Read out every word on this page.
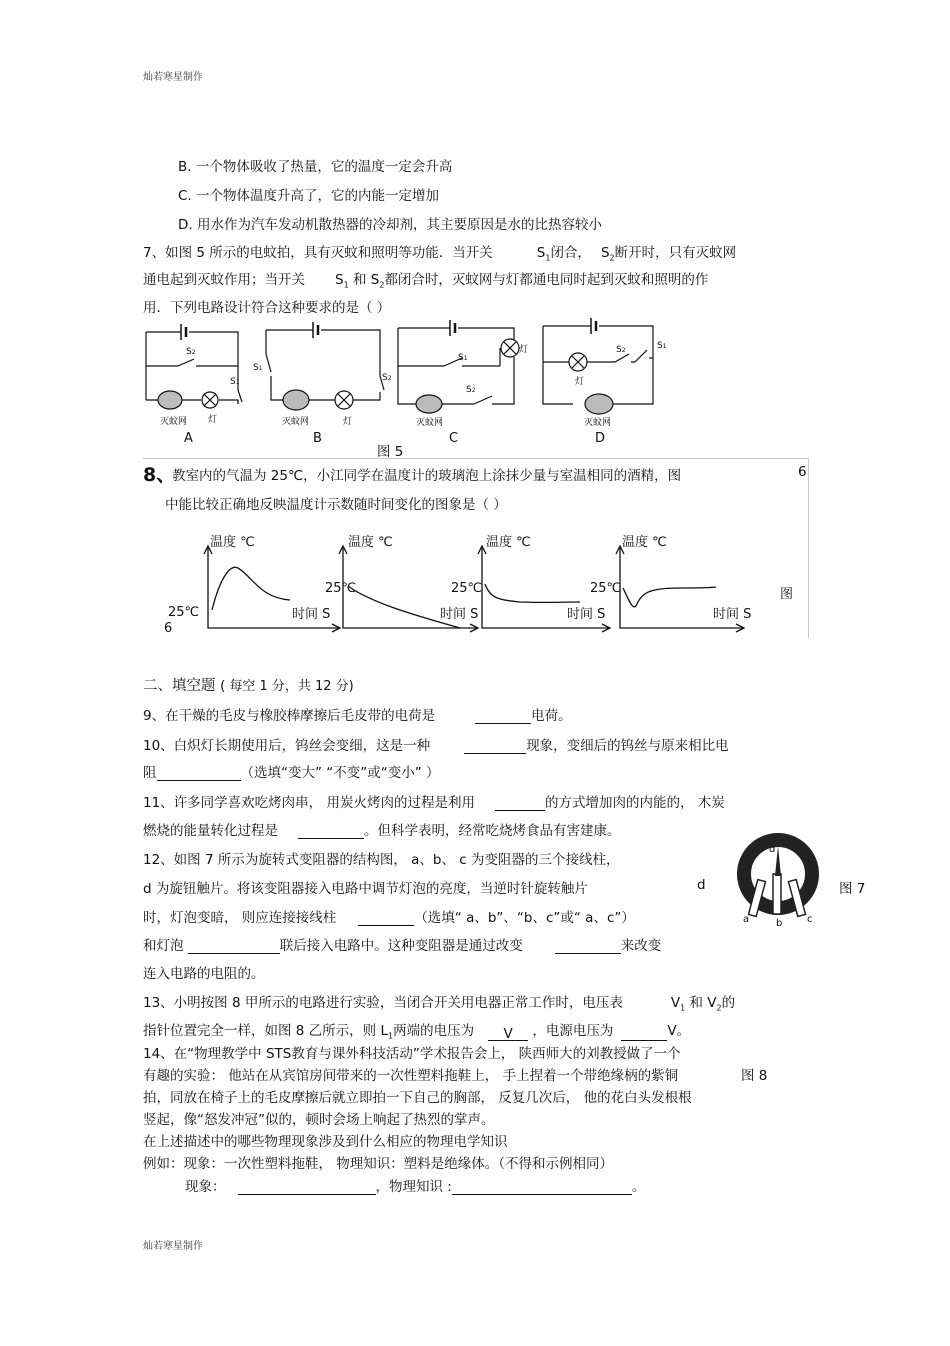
灿若寒星制作
B. 一个物体吸收了热量，它的温度一定会升高
C. 一个物体温度升高了，它的内能一定增加
D. 用水作为汽车发动机散热器的冷却剂，其主要原因是水的比热容较小
7、如图 5 所示的电蚊拍，具有灭蚊和照明等功能．当开关	$S_1$闭合， $S_2$断开时，只有灭蚊网
通电起到灭蚊作用；当开关 $S_1$ 和 $S_2$都闭合时，灭蚊网与灯都通电同时起到灭蚊和照明的作
用．下列电路设计符合这种要求的是（ ）
S2
S1
灭蚊网 灯
S1
S2
灭蚊网	灯
S1
S2
灯
灭蚊网
S2	S1
灯
灭蚊网
A	B	C	D
图 5
8、
教室内的气温为 25℃，小江同学在温度计的玻璃泡上涂抹少量与室温相同的酒精，图	6
中能比较正确地反映温度计示数随时间变化的图象是（ ）
温度 ℃	温度 ℃	温度 ℃	温度 ℃
25℃
25℃	25℃	25℃
时间 S	时间 S	时间 S	时间 S
图
6
二、填空题 ( 每空 1 分，共 12 分)
9、在干燥的毛皮与橡胶棒摩擦后毛皮带的电荷是	电荷。
10、白炽灯长期使用后，钨丝会变细，这是一种	现象，变细后的钨丝与原来相比电
阻	（选填“变大” “不变”或“变小” ）
11、许多同学喜欢吃烤肉串， 用炭火烤肉的过程是利用	的方式增加肉的内能的， 木炭
燃烧的能量转化过程是	。但科学表明，经常吃烧烤食品有害建康。
12、如图 7 所示为旋转式变阻器的结构图， a、b、 c 为变阻器的三个接线柱，
d 为旋钮触片。将该变阻器接入电路中调节灯泡的亮度，当逆时针旋转触片	d	图 7
时，灯泡变暗， 则应连接接线柱	（选填“ a、b”、“b、c”或“ a、c”）
和灯泡	联后接入电路中。这种变阻器是通过改变	来改变
连入电路的电阻的。
d
a	b c
13、小明按图 8 甲所示的电路进行实验，当闭合开关用电器正常工作时，电压表	$V_1$ 和 $V_2$的
指针位置完全一样，如图 8 乙所示，则 $L_1$两端的电压为 V ，电源电压为	V。
14、在“物理教学中 STS教育与课外科技活动”学术报告会上， 陕西师大的刘教授做了一个
有趣的实验： 他站在从宾馆房间带来的一次性塑料拖鞋上， 手上捏着一个带绝缘柄的紫铜	图 8
拍，同放在椅子上的毛皮摩擦后就立即拍一下自己的胸部， 反复几次后， 他的花白头发根根
竖起，像“怒发冲冠”似的，顿时会场上响起了热烈的掌声。
在上述描述中的哪些物理现象涉及到什么相应的物理电学知识
例如：现象：一次性塑料拖鞋， 物理知识：塑料是绝缘体。（不得和示例相同）
现象：	，物理知识 :	。
灿若寒星制作
